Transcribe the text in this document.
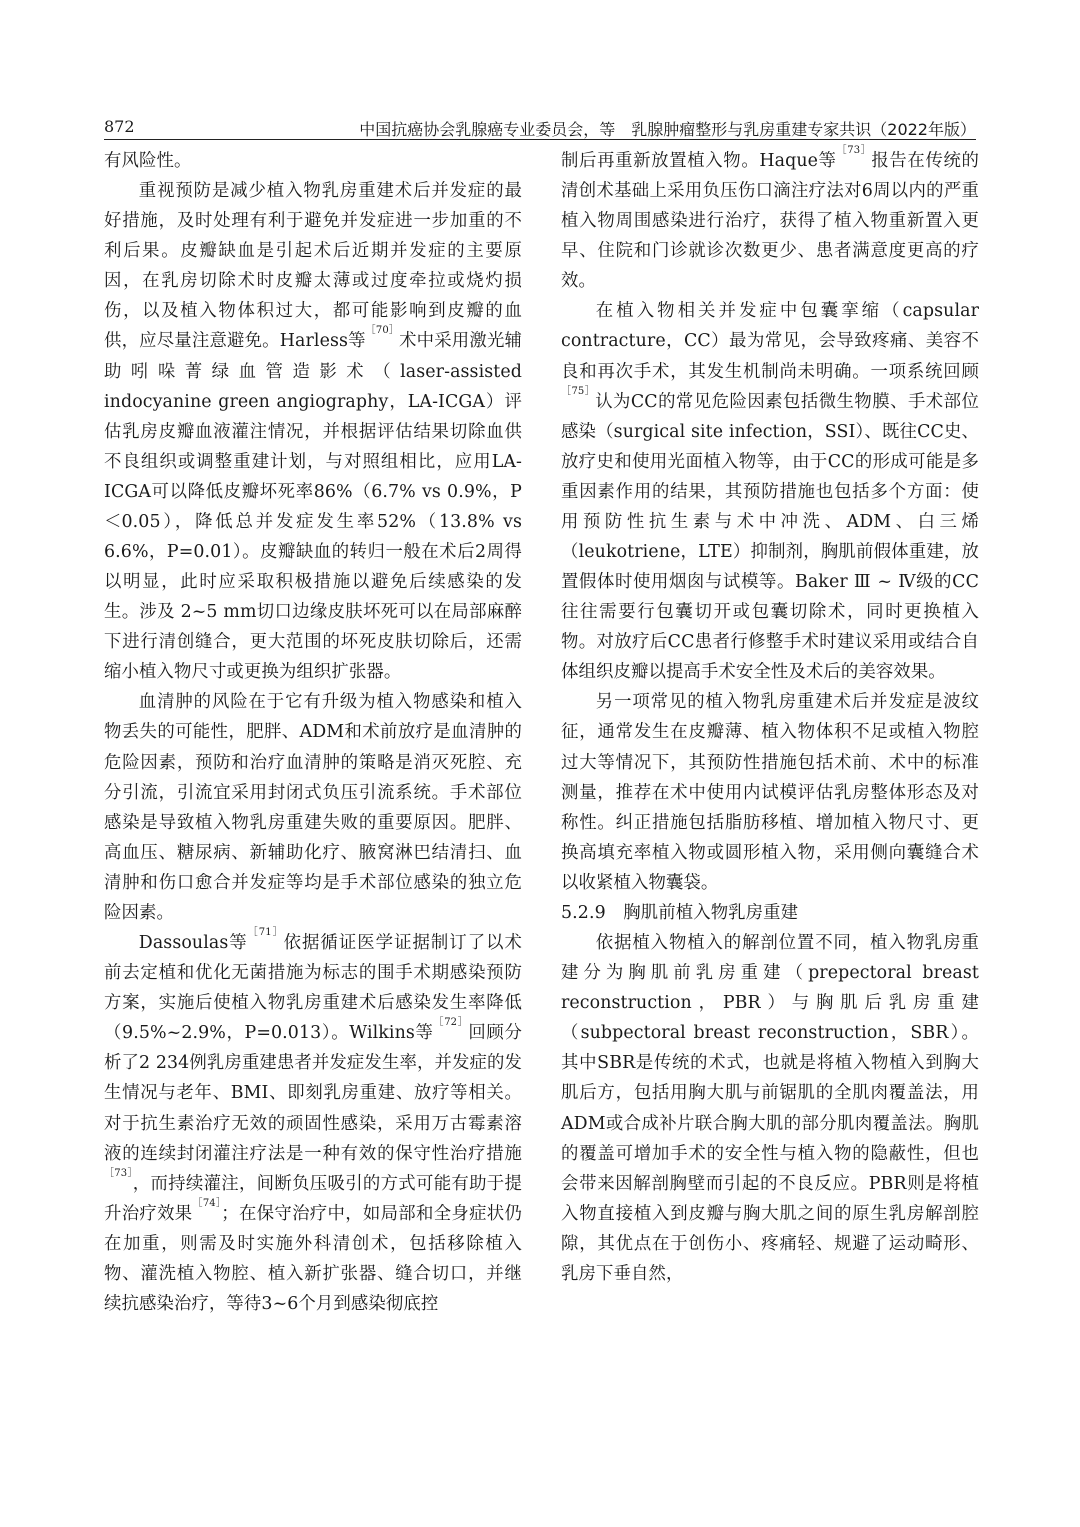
872	中国抗癌协会乳腺癌专业委员会，等　乳腺肿瘤整形与乳房重建专家共识（2022年版）

有风险性。

重视预防是减少植入物乳房重建术后并发症的最好措施，及时处理有利于避免并发症进一步加重的不利后果。皮瓣缺血是引起术后近期并发症的主要原因，在乳房切除术时皮瓣太薄或过度牵拉或烧灼损伤，以及植入物体积过大，都可能影响到皮瓣的血供，应尽量注意避免。Harless等$^{[70]}$术中采用激光辅助吲哚菁绿血管造影术（laser-assisted indocyanine green angiography，LA-ICGA）评估乳房皮瓣血液灌注情况，并根据评估结果切除血供不良组织或调整重建计划，与对照组相比，应用LA-ICGA可以降低皮瓣坏死率86%（6.7% vs 0.9%，P＜0.05），降低总并发症发生率52%（13.8% vs 6.6%，P=0.01）。皮瓣缺血的转归一般在术后2周得以明显，此时应采取积极措施以避免后续感染的发生。涉及 2~5 mm切口边缘皮肤坏死可以在局部麻醉下进行清创缝合，更大范围的坏死皮肤切除后，还需缩小植入物尺寸或更换为组织扩张器。

血清肿的风险在于它有升级为植入物感染和植入物丢失的可能性，肥胖、ADM和术前放疗是血清肿的危险因素，预防和治疗血清肿的策略是消灭死腔、充分引流，引流宜采用封闭式负压引流系统。手术部位感染是导致植入物乳房重建失败的重要原因。肥胖、高血压、糖尿病、新辅助化疗、腋窝淋巴结清扫、血清肿和伤口愈合并发症等均是手术部位感染的独立危险因素。

Dassoulas等$^{[71]}$依据循证医学证据制订了以术前去定植和优化无菌措施为标志的围手术期感染预防方案，实施后使植入物乳房重建术后感染发生率降低（9.5%~2.9%，P=0.013）。Wilkins等$^{[72]}$回顾分析了2 234例乳房重建患者并发症发生率，并发症的发生情况与老年、BMI、即刻乳房重建、放疗等相关。对于抗生素治疗无效的顽固性感染，采用万古霉素溶液的连续封闭灌注疗法是一种有效的保守性治疗措施$^{[73]}$，而持续灌注，间断负压吸引的方式可能有助于提升治疗效果$^{[74]}$；在保守治疗中，如局部和全身症状仍在加重，则需及时实施外科清创术，包括移除植入物、灌洗植入物腔、植入新扩张器、缝合切口，并继续抗感染治疗，等待3~6个月到感染彻底控

制后再重新放置植入物。Haque等$^{[73]}$报告在传统的清创术基础上采用负压伤口滴注疗法对6周以内的严重植入物周围感染进行治疗，获得了植入物重新置入更早、住院和门诊就诊次数更少、患者满意度更高的疗效。

在植入物相关并发症中包囊挛缩（capsular contracture，CC）最为常见，会导致疼痛、美容不良和再次手术，其发生机制尚未明确。一项系统回顾$^{[75]}$认为CC的常见危险因素包括微生物膜、手术部位感染（surgical site infection，SSI）、既往CC史、放疗史和使用光面植入物等，由于CC的形成可能是多重因素作用的结果，其预防措施也包括多个方面：使用预防性抗生素与术中冲洗、ADM、白三烯（leukotriene，LTE）抑制剂，胸肌前假体重建，放置假体时使用烟囱与试模等。Baker Ⅲ ~ Ⅳ级的CC往往需要行包囊切开或包囊切除术，同时更换植入物。对放疗后CC患者行修整手术时建议采用或结合自体组织皮瓣以提高手术安全性及术后的美容效果。

另一项常见的植入物乳房重建术后并发症是波纹征，通常发生在皮瓣薄、植入物体积不足或植入物腔过大等情况下，其预防性措施包括术前、术中的标准测量，推荐在术中使用内试模评估乳房整体形态及对称性。纠正措施包括脂肪移植、增加植入物尺寸、更换高填充率植入物或圆形植入物，采用侧向囊缝合术以收紧植入物囊袋。

5.2.9　胸肌前植入物乳房重建

依据植入物植入的解剖位置不同，植入物乳房重建分为胸肌前乳房重建（prepectoral breast reconstruction，PBR）与胸肌后乳房重建（subpectoral breast reconstruction，SBR）。其中SBR是传统的术式，也就是将植入物植入到胸大肌后方，包括用胸大肌与前锯肌的全肌肉覆盖法，用ADM或合成补片联合胸大肌的部分肌肉覆盖法。胸肌的覆盖可增加手术的安全性与植入物的隐蔽性，但也会带来因解剖胸壁而引起的不良反应。PBR则是将植入物直接植入到皮瓣与胸大肌之间的原生乳房解剖腔隙，其优点在于创伤小、疼痛轻、规避了运动畸形、乳房下垂自然，
